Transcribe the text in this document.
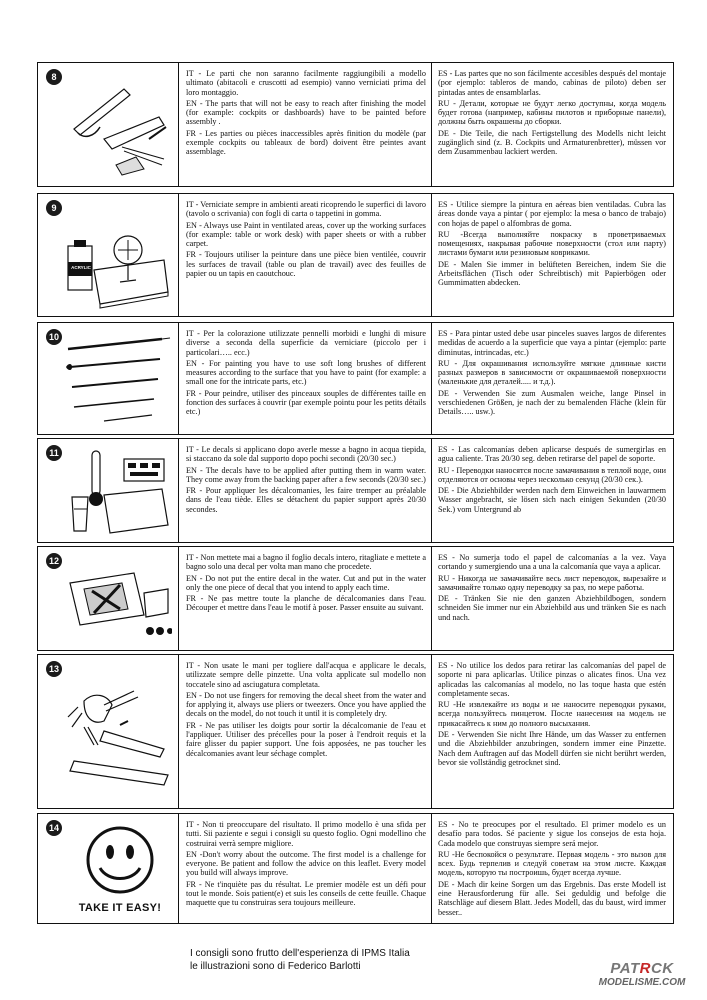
8	IT - Le parti che non saranno facilmente raggiungibili a modello ultimato (abitacoli e cruscotti ad esempio) vanno verniciati prima del loro montaggio.

EN - The parts that will not be easy to reach after finishing the model (for example: cockpits or dashboards) have to be painted before assembly .

FR - Les parties ou pièces inaccessibles après finition du modèle (par exemple cockpits ou tableaux de bord) doivent être peintes avant assemblage.

ES - Las partes que no son fácilmente accesibles después del montaje (por ejemplo: tableros de mando, cabinas de piloto) deben ser pintadas antes de ensamblarlas.

RU - Детали, которые не будут легко доступны, когда модель будет готова (например, кабины пилотов и приборные панели), должны быть окрашены до сборки.

DE - Die Teile, die nach Fertigstellung des Modells nicht leicht zugänglich sind (z. B. Cockpits und Armaturenbretter), müssen vor dem Zusammenbau lackiert werden.

9
ACRYLIC

IT - Verniciate sempre in ambienti areati ricoprendo le superfici di lavoro (tavolo o scrivania) con fogli di carta o tappetini in gomma.

EN - Always use Paint in ventilated areas, cover up the working surfaces (for example: table or work desk) with paper sheets or with a rubber carpet.

FR - Toujours utiliser la peinture dans une pièce bien ventilée, couvrir les surfaces de travail (table ou plan de travail) avec des feuilles de papier ou un tapis en caoutchouc.

ES - Utilice siempre la pintura en aéreas bien ventiladas. Cubra las áreas donde vaya a pintar ( por ejemplo: la mesa o banco de trabajo) con hojas de papel o alfombras de goma.

RU -Всегда выполняйте покраску в проветриваемых помещениях, накрывая рабочие поверхности (стол или парту) листами бумаги или резиновым ковриками.

DE - Malen Sie immer in belüfteten Bereichen, indem Sie die Arbeitsflächen (Tisch oder Schreibtisch) mit Papierbögen oder Gummimatten abdecken.

10	IT - Per la colorazione utilizzate pennelli morbidi e lunghi di misure diverse a seconda della superficie da verniciare (piccolo per i particolari….. ecc.)

EN - For painting you have to use soft long brushes of different measures according to the surface that you have to paint (for example: a small one for the intricate parts, etc.)

FR - Pour peindre, utiliser des pinceaux souples de différentes taille en fonction des surfaces à couvrir (par exemple pointu pour les petits détails etc.)

ES - Para pintar usted debe usar pinceles suaves largos de diferentes medidas de acuerdo a la superficie que vaya a pintar (ejemplo: parte diminutas, intrincadas, etc.)

RU - Для окрашивания используйте мягкие длинные кисти разных размеров в зависимости от окрашиваемой поверхности (маленькие для деталей..... и т.д.).

DE - Verwenden Sie zum Ausmalen weiche, lange Pinsel in verschiedenen Größen, je nach der zu bemalenden Fläche (klein für Details….. usw.).

11	IT - Le decals si applicano dopo averle messe a bagno in acqua tiepida, si staccano da sole dal supporto dopo pochi secondi (20/30 sec.)

EN - The decals have to be applied after putting them in warm water. They come away from the backing paper after a few seconds (20/30 sec.)

FR - Pour appliquer les décalcomanies, les faire tremper au préalable dans de l'eau tiède. Elles se détachent du papier support après 20/30 secondes.

ES - Las calcomanías deben aplicarse después de sumergirlas en agua caliente. Tras 20/30 seg. deben retirarse del papel de soporte.

RU - Переводки наносятся после замачивания в теплой воде, они отделяются от основы через несколько секунд (20/30 сек.).

DE - Die Abziehbilder werden nach dem Einweichen in lauwarmem Wasser angebracht, sie lösen sich nach einigen Sekunden (20/30 Sek.) vom Untergrund ab

12	IT - Non mettete mai a bagno il foglio decals intero, ritagliate e mettete a bagno solo una decal per volta man mano che procedete.

EN - Do not put the entire decal in the water. Cut and put in the water only the one piece of decal that you intend to apply each time.

FR - Ne pas mettre toute la planche de décalcomanies dans l'eau. Découper et mettre dans l'eau le motif à poser. Passer ensuite au suivant.

ES - No sumerja todo el papel de calcomanías a la vez. Vaya cortando y sumergiendo una a una la calcomanía que vaya a aplicar.

RU - Никогда не замачивайте весь лист переводок, вырезайте и замачивайте только одну переводку за раз, по мере работы.

DE - Tränken Sie nie den ganzen Abziehbildbogen, sondern schneiden Sie immer nur ein Abziehbild aus und tränken Sie es nach und nach.

13	IT - Non usate le mani per togliere dall'acqua e applicare le decals, utilizzate sempre delle pinzette. Una volta applicate sul modello non toccatele sino ad asciugatura completata.

EN - Do not use fingers for removing the decal sheet from the water and for applying it, always use pliers or tweezers. Once you have applied the decals on the model, do not touch it until it is completely dry.

FR - Ne pas utiliser les doigts pour sortir la décalcomanie de l'eau et l'appliquer. Utiliser des précelles pour la poser à l'endroit requis et la faire glisser du papier support. Une fois apposées, ne pas toucher les décalcomanies avant leur séchage complet.

ES - No utilice los dedos para retirar las calcomanías del papel de soporte ni para aplicarlas. Utilice pinzas o alicates finos. Una vez aplicadas las calcomanías al modelo, no las toque hasta que estén completamente secas.

RU -Не извлекайте из воды и не наносите переводки руками, всегда пользуйтесь пинцетом. После нанесения на модель не прикасайтесь к ним до полного высыхания.

DE - Verwenden Sie nicht Ihre Hände, um das Wasser zu entfernen und die Abziehbilder anzubringen, sondern immer eine Pinzette. Nach dem Auftragen auf das Modell dürfen sie nicht berührt werden, bevor sie vollständig getrocknet sind.

14
TAKE IT EASY!

IT - Non ti preoccupare del risultato. Il primo modello è una sfida per tutti. Sii paziente e segui i consigli su questo foglio. Ogni modellino che costruirai verrà sempre migliore.

EN -Don't worry about the outcome. The first model is a challenge for everyone. Be patient and follow the advice on this leaflet. Every model you build will always improve.

FR - Ne t'inquiète pas du résultat. Le premier modèle est un défi pour tout le monde. Sois patient(e) et suis les conseils de cette feuille. Chaque maquette que tu construiras sera toujours meilleure.

ES - No te preocupes por el resultado. El primer modelo es un desafío para todos. Sé paciente y sigue los consejos de esta hoja. Cada modelo que construyas siempre será mejor.

RU -Не беспокойся о результате. Первая модель - это вызов для всех. Будь терпелив и следуй советам на этом листе. Каждая модель, которую ты построишь, будет всегда лучше.

DE - Mach dir keine Sorgen um das Ergebnis. Das erste Modell ist eine Herausforderung für alle. Sei geduldig und befolge die Ratschläge auf diesem Blatt. Jedes Modell, das du baust, wird immer besser..

I consigli sono frutto dell'esperienza di IPMS Italia
le illustrazioni sono di Federico Barlotti	PATRCK
MODELISME.COM
